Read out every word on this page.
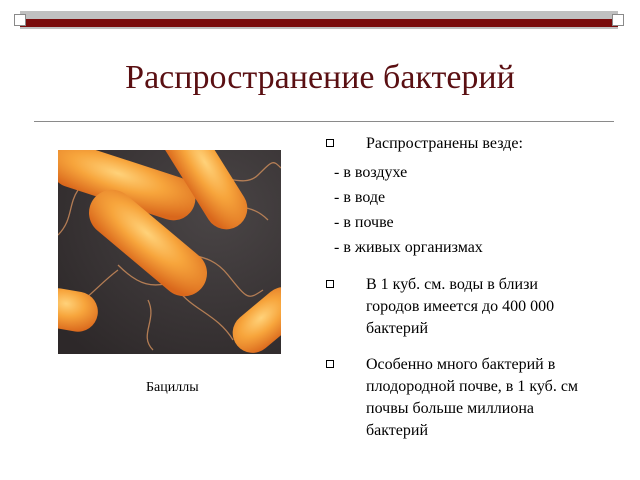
Распространение бактерий
Бациллы
Распространены везде:
- в воздухе
- в воде
- в почве
- в живых организмах
В 1 куб. см. воды в близи
городов имеется до 400 000
бактерий
Особенно много бактерий в
плодородной почве, в 1 куб. см
почвы больше миллиона
бактерий
